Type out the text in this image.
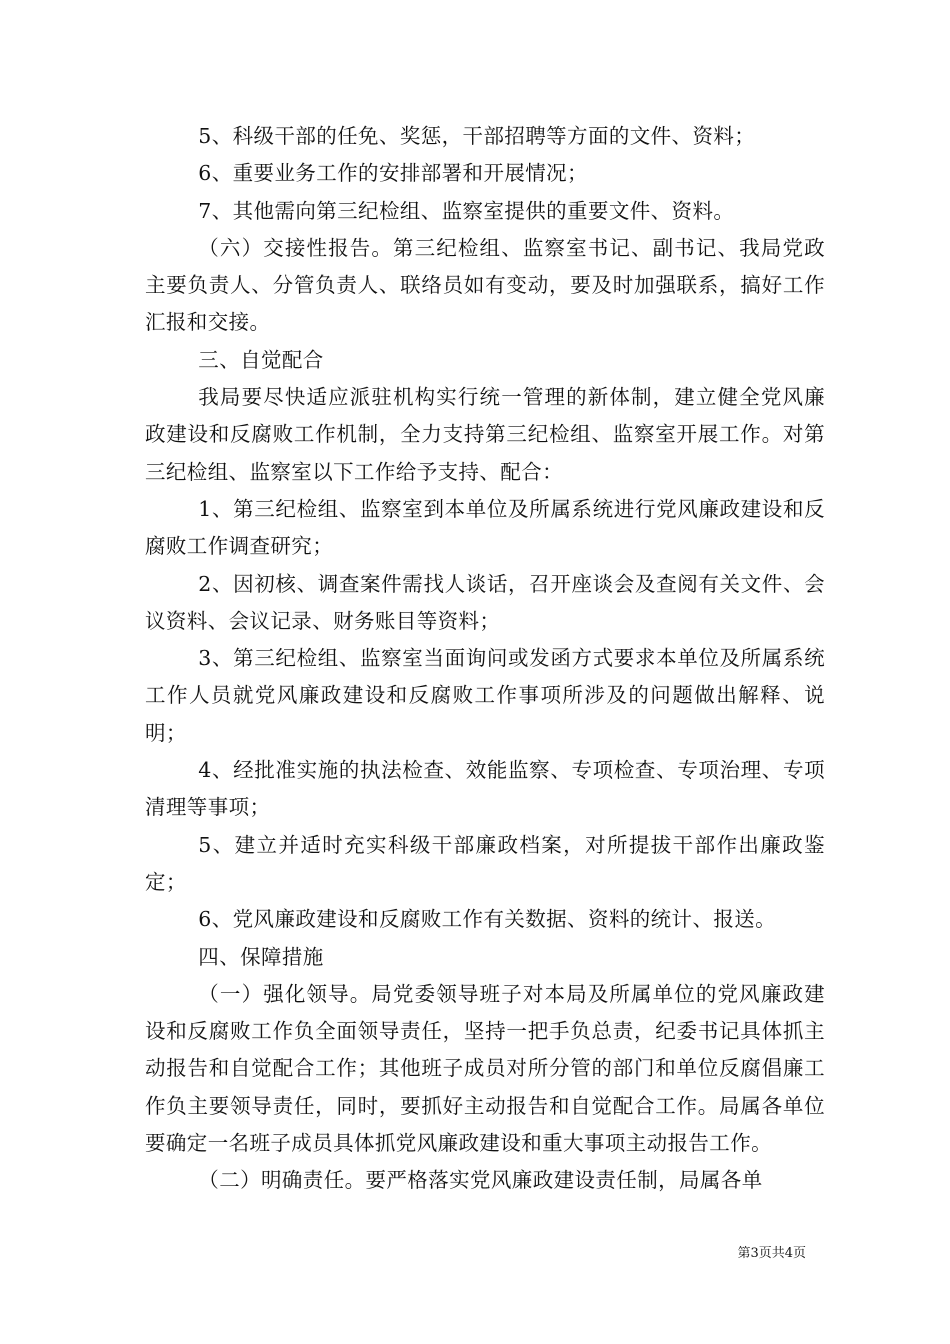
5、科级干部的任免、奖惩，干部招聘等方面的文件、资料；

6、重要业务工作的安排部署和开展情况；

7、其他需向第三纪检组、监察室提供的重要文件、资料。

（六）交接性报告。第三纪检组、监察室书记、副书记、我局党政主要负责人、分管负责人、联络员如有变动，要及时加强联系，搞好工作汇报和交接。

三、自觉配合

我局要尽快适应派驻机构实行统一管理的新体制，建立健全党风廉政建设和反腐败工作机制，全力支持第三纪检组、监察室开展工作。对第三纪检组、监察室以下工作给予支持、配合：

1、第三纪检组、监察室到本单位及所属系统进行党风廉政建设和反腐败工作调查研究；

2、因初核、调查案件需找人谈话，召开座谈会及查阅有关文件、会议资料、会议记录、财务账目等资料；

3、第三纪检组、监察室当面询问或发函方式要求本单位及所属系统工作人员就党风廉政建设和反腐败工作事项所涉及的问题做出解释、说明；

4、经批准实施的执法检查、效能监察、专项检查、专项治理、专项清理等事项；

5、建立并适时充实科级干部廉政档案，对所提拔干部作出廉政鉴定；

6、党风廉政建设和反腐败工作有关数据、资料的统计、报送。

四、保障措施

（一）强化领导。局党委领导班子对本局及所属单位的党风廉政建设和反腐败工作负全面领导责任，坚持一把手负总责，纪委书记具体抓主动报告和自觉配合工作；其他班子成员对所分管的部门和单位反腐倡廉工作负主要领导责任，同时，要抓好主动报告和自觉配合工作。局属各单位要确定一名班子成员具体抓党风廉政建设和重大事项主动报告工作。

（二）明确责任。要严格落实党风廉政建设责任制，局属各单

第3页共4页
